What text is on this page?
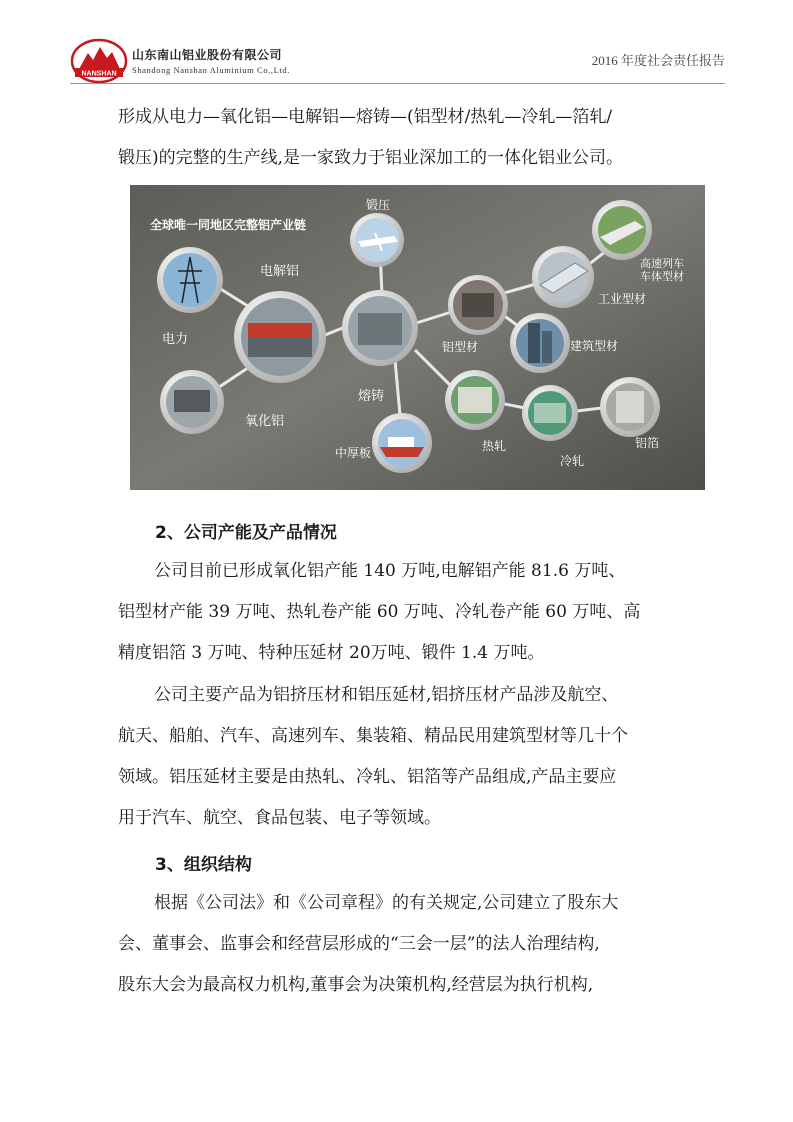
NANSHAN
山东南山铝业股份有限公司
Shandong Nanshan Aluminium Co.,Ltd.
2016 年度社会责任报告
形成从电力—氧化铝—电解铝—熔铸—(铝型材/热轧—冷轧—箔轧/
锻压)的完整的生产线,是一家致力于铝业深加工的一体化铝业公司。
全球唯一同地区完整铝产业链
电力
氧化铝
电解铝
熔铸
锻压
中厚板
铝型材
工业型材
高速列车车体型材
建筑型材
热轧
冷轧
铝箔
2、公司产能及产品情况
公司目前已形成氧化铝产能 140 万吨,电解铝产能 81.6 万吨、
铝型材产能 39 万吨、热轧卷产能 60 万吨、冷轧卷产能 60 万吨、高
精度铝箔 3 万吨、特种压延材 20万吨、锻件 1.4 万吨。
公司主要产品为铝挤压材和铝压延材,铝挤压材产品涉及航空、
航天、船舶、汽车、高速列车、集装箱、精品民用建筑型材等几十个
领域。铝压延材主要是由热轧、冷轧、铝箔等产品组成,产品主要应
用于汽车、航空、食品包装、电子等领域。
3、组织结构
根据《公司法》和《公司章程》的有关规定,公司建立了股东大
会、董事会、监事会和经营层形成的“三会一层”的法人治理结构,
股东大会为最高权力机构,董事会为决策机构,经营层为执行机构,
